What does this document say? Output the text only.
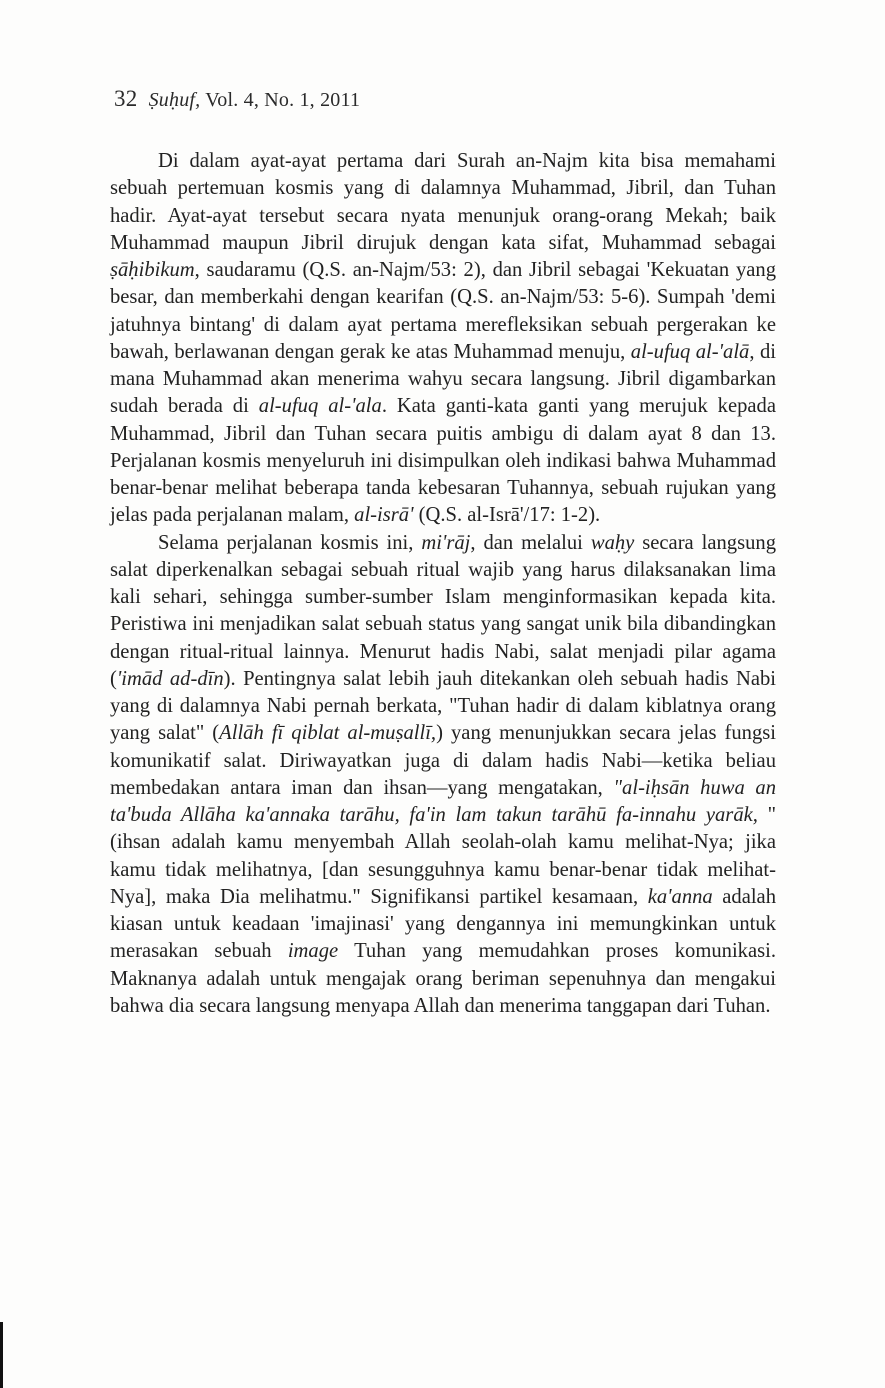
32 Ṣuḥuf, Vol. 4, No. 1, 2011

Di dalam ayat-ayat pertama dari Surah an-Najm kita bisa memahami sebuah pertemuan kosmis yang di dalamnya Muhammad, Jibril, dan Tuhan hadir. Ayat-ayat tersebut secara nyata menunjuk orang-orang Mekah; baik Muhammad maupun Jibril dirujuk dengan kata sifat, Muhammad sebagai ṣāḥibikum, saudaramu (Q.S. an-Najm/53: 2), dan Jibril sebagai 'Kekuatan yang besar, dan memberkahi dengan kearifan (Q.S. an-Najm/53: 5-6). Sumpah 'demi jatuhnya bintang' di dalam ayat pertama merefleksikan sebuah pergerakan ke bawah, berlawanan dengan gerak ke atas Muhammad menuju, al-ufuq al-'alā, di mana Muhammad akan menerima wahyu secara langsung. Jibril digambarkan sudah berada di al-ufuq al-'ala. Kata ganti-kata ganti yang merujuk kepada Muhammad, Jibril dan Tuhan secara puitis ambigu di dalam ayat 8 dan 13. Perjalanan kosmis menyeluruh ini disimpulkan oleh indikasi bahwa Muhammad benar-benar melihat beberapa tanda kebesaran Tuhannya, sebuah rujukan yang jelas pada perjalanan malam, al-isrā' (Q.S. al-Isrā'/17: 1-2).

Selama perjalanan kosmis ini, mi'rāj, dan melalui waḥy secara langsung salat diperkenalkan sebagai sebuah ritual wajib yang harus dilaksanakan lima kali sehari, sehingga sumber-sumber Islam menginformasikan kepada kita. Peristiwa ini menjadikan salat sebuah status yang sangat unik bila dibandingkan dengan ritual-ritual lainnya. Menurut hadis Nabi, salat menjadi pilar agama ('imād ad-dīn). Pentingnya salat lebih jauh ditekankan oleh sebuah hadis Nabi yang di dalamnya Nabi pernah berkata, "Tuhan hadir di dalam kiblatnya orang yang salat" (Allāh fī qiblat al-muṣallī,) yang menunjukkan secara jelas fungsi komunikatif salat. Diriwayatkan juga di dalam hadis Nabi—ketika beliau membedakan antara iman dan ihsan—yang mengatakan, "al-iḥsān huwa an ta'buda Allāha ka'annaka tarāhu, fa'in lam takun tarāhū fa-innahu yarāk, " (ihsan adalah kamu menyembah Allah seolah-olah kamu melihat-Nya; jika kamu tidak melihatnya, [dan sesungguhnya kamu benar-benar tidak melihat-Nya], maka Dia melihatmu." Signifikansi partikel kesamaan, ka'anna adalah kiasan untuk keadaan 'imajinasi' yang dengannya ini memungkinkan untuk merasakan sebuah image Tuhan yang memudahkan proses komunikasi. Maknanya adalah untuk mengajak orang beriman sepenuhnya dan mengakui bahwa dia secara langsung menyapa Allah dan menerima tanggapan dari Tuhan.
